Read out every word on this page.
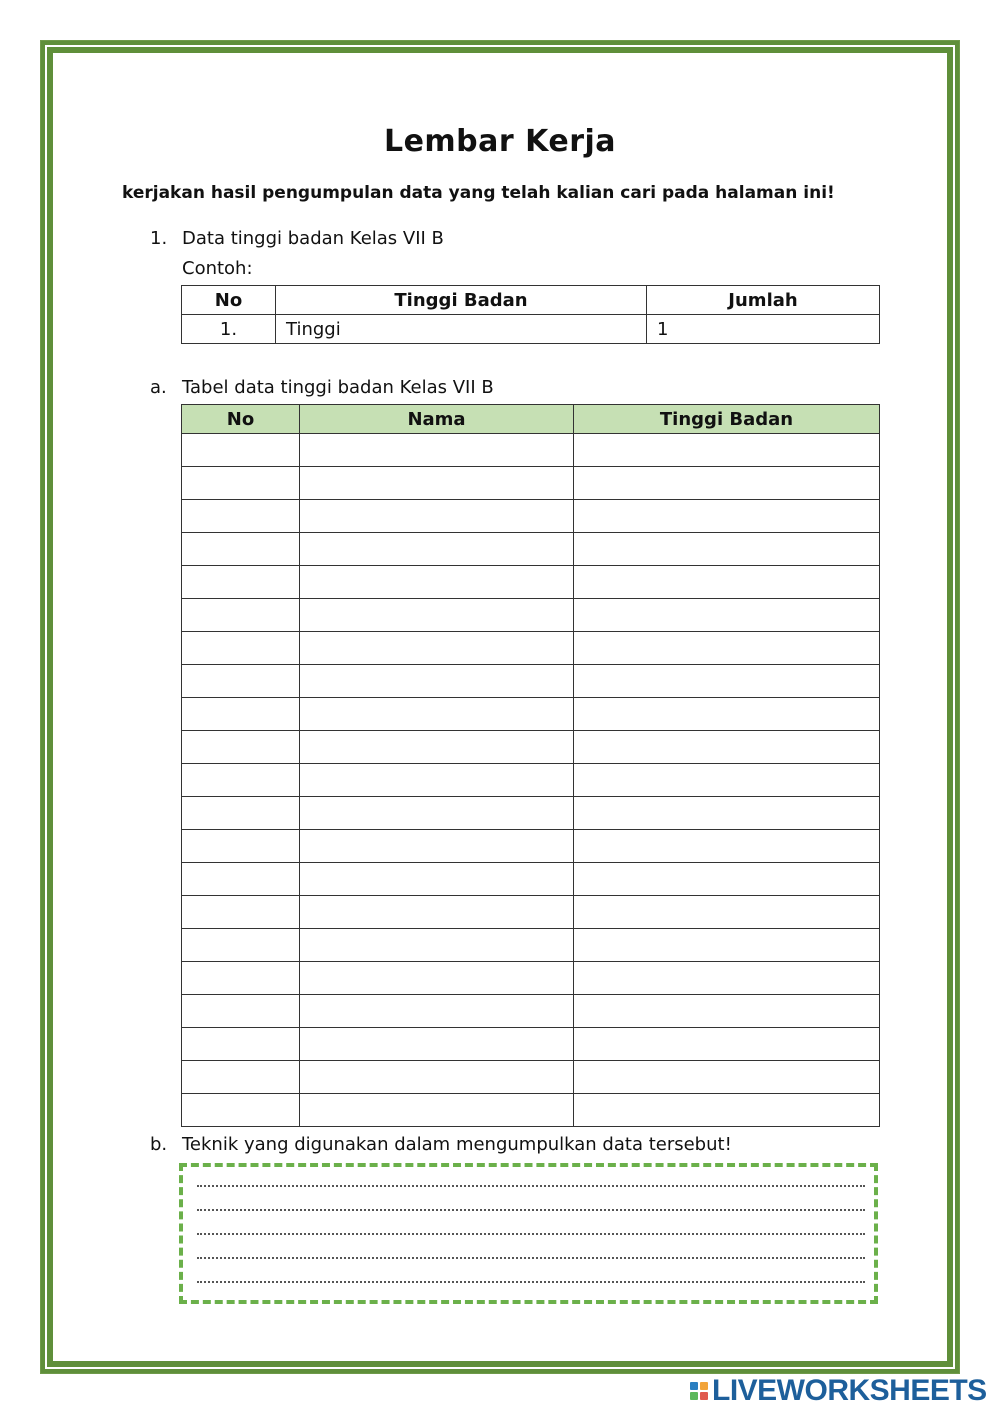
Lembar Kerja
kerjakan hasil pengumpulan data yang telah kalian cari pada halaman ini!
1. Data tinggi badan Kelas VII B
Contoh:
No	Tinggi Badan	Jumlah
1.	Tinggi	1
a. Tabel data tinggi badan Kelas VII B
No	Nama	Tinggi Badan

b. Teknik yang digunakan dalam mengumpulkan data tersebut!
LIVEWORKSHEETS
